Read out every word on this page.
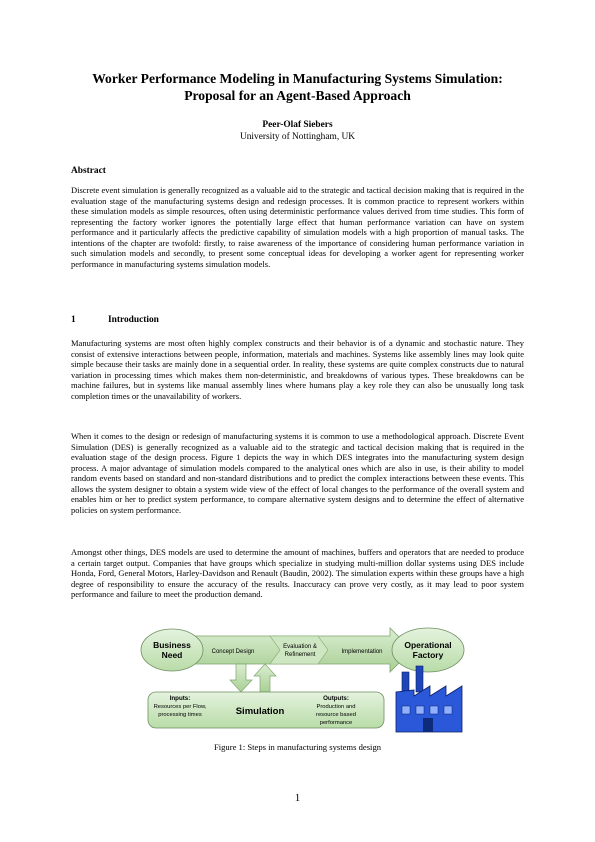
Worker Performance Modeling in Manufacturing Systems Simulation:
Proposal for an Agent-Based Approach
Peer-Olaf Siebers
University of Nottingham, UK
Abstract

Discrete event simulation is generally recognized as a valuable aid to the strategic and tactical decision making that is required in the evaluation stage of the manufacturing systems design and redesign processes. It is common practice to represent workers within these simulation models as simple resources, often using deterministic performance values derived from time studies. This form of representing the factory worker ignores the potentially large effect that human performance variation can have on system performance and it particularly affects the predictive capability of simulation models with a high proportion of manual tasks. The intentions of the chapter are twofold: firstly, to raise awareness of the importance of considering human performance variation in such simulation models and secondly, to present some conceptual ideas for developing a worker agent for representing worker performance in manufacturing systems simulation models.

1	Introduction

Manufacturing systems are most often highly complex constructs and their behavior is of a dynamic and stochastic nature. They consist of extensive interactions between people, information, materials and machines. Systems like assembly lines may look quite simple because their tasks are mainly done in a sequential order. In reality, these systems are quite complex constructs due to natural variation in processing times which makes them non-deterministic, and breakdowns of various types. These breakdowns can be machine failures, but in systems like manual assembly lines where humans play a key role they can also be unusually long task completion times or the unavailability of workers.

When it comes to the design or redesign of manufacturing systems it is common to use a methodological approach. Discrete Event Simulation (DES) is generally recognized as a valuable aid to the strategic and tactical decision making that is required in the evaluation stage of the design process. Figure 1 depicts the way in which DES integrates into the manufacturing system design process. A major advantage of simulation models compared to the analytical ones which are also in use, is their ability to model random events based on standard and non-standard distributions and to predict the complex interactions between these events. This allows the system designer to obtain a system wide view of the effect of local changes to the performance of the overall system and enables him or her to predict system performance, to compare alternative system designs and to determine the effect of alternative policies on system performance.

Amongst other things, DES models are used to determine the amount of machines, buffers and operators that are needed to produce a certain target output. Companies that have groups which specialize in studying multi-million dollar systems using DES include Honda, Ford, General Motors, Harley-Davidson and Renault (Baudin, 2002). The simulation experts within these groups have a high degree of responsibility to ensure the accuracy of the results. Inaccuracy can prove very costly, as it may lead to poor system performance and failure to meet the production demand.

Business
Need
Operational
Factory
Concept Design
Evaluation &
Refinement	Implementation
Inputs:
Resources per Flow,
processing times	Simulation
Outputs:
Production and
resource based
performance
Figure 1: Steps in manufacturing systems design
1
